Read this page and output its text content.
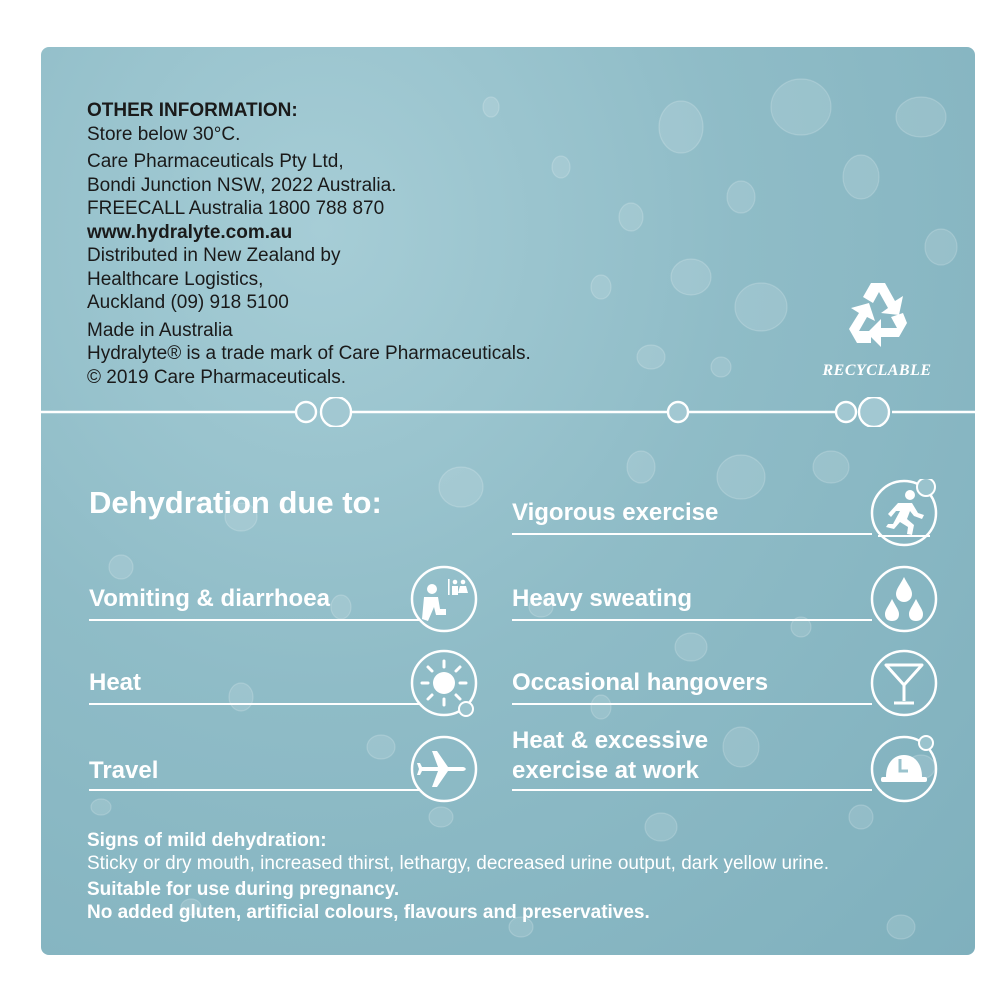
OTHER INFORMATION:
Store below 30°C.
Care Pharmaceuticals Pty Ltd,
Bondi Junction NSW, 2022 Australia.
FREECALL Australia 1800 788 870
www.hydralyte.com.au
Distributed in New Zealand by
Healthcare Logistics,
Auckland (09) 918 5100
Made in Australia
Hydralyte® is a trade mark of Care Pharmaceuticals.
© 2019 Care Pharmaceuticals.	RECYCLABLE
Dehydration due to:
Vomiting & diarrhoea
Heat
Travel
Vigorous exercise
Heavy sweating
Occasional hangovers
Heat & excessive
exercise at work
Signs of mild dehydration:
Sticky or dry mouth, increased thirst, lethargy, decreased urine output, dark yellow urine.
Suitable for use during pregnancy.
No added gluten, artificial colours, flavours and preservatives.
